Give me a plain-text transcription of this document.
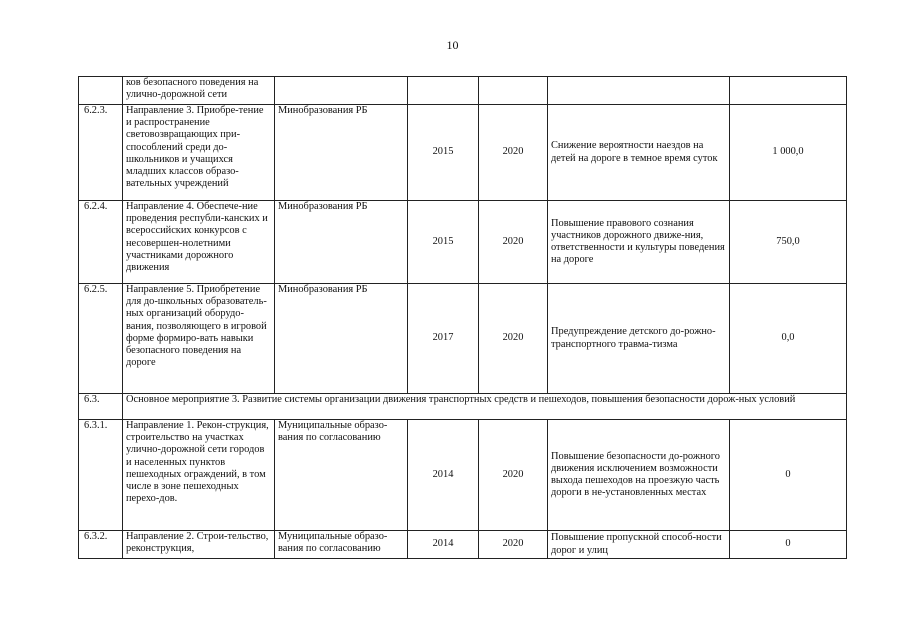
10
	ков безопасного поведения на улично-дорожной сети					
6.2.3.	Направление 3. Приобре-тение и распространение световозвращающих при-способлений среди до-школьников и учащихся младших классов образо-вательных учреждений	Минобразования РБ	2015	2020	Снижение вероятности наездов на детей на дороге в темное время суток	1 000,0
6.2.4.	Направление 4. Обеспече-ние проведения республи-канских и всероссийских конкурсов с несовершен-нолетними участниками дорожного движения	Минобразования РБ	2015	2020	Повышение правового сознания участников дорожного движе-ния, ответственности и культуры поведения на дороге	750,0
6.2.5.	Направление 5. Приобретение для до-школьных образователь-ных организаций оборудо-вания, позволяющего в игровой форме формиро-вать навыки безопасного поведения на дороге	Минобразования РБ	2017	2020	Предупреждение детского до-рожно-транспортного травма-тизма	0,0
6.3.	Основное мероприятие 3. Развитие системы организации движения транспортных средств и пешеходов, повышения безопасности дорож-ных условий					
6.3.1.	Направление 1. Рекон-струкция, строительство на участках улично-дорожной сети городов и населенных пунктов пешеходных ограждений, в том числе в зоне пешеходных перехо-дов.	Муниципальные образо-вания по согласованию	2014	2020	Повышение безопасности до-рожного движения исключением возможности выхода пешеходов на проезжую часть дороги в не-установленных местах	0
6.3.2.	Направление 2. Строи-тельство, реконструкция,	Муниципальные образо-вания по согласованию	2014	2020	Повышение пропускной способ-ности дорог и улиц	0
